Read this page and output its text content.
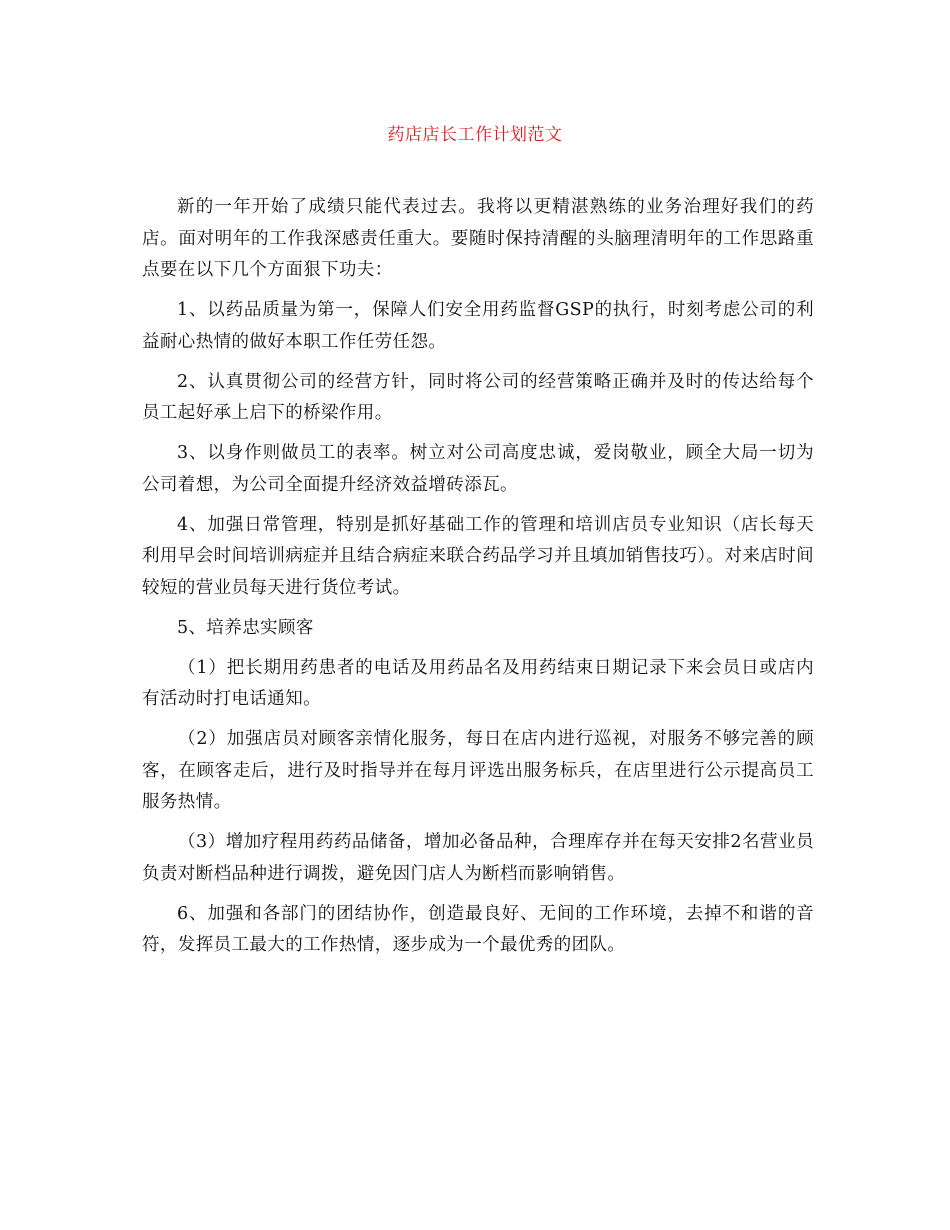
药店店长工作计划范文

新的一年开始了成绩只能代表过去。我将以更精湛熟练的业务治理好我们的药店。面对明年的工作我深感责任重大。要随时保持清醒的头脑理清明年的工作思路重点要在以下几个方面狠下功夫：

1、以药品质量为第一，保障人们安全用药监督GSP的执行，时刻考虑公司的利益耐心热情的做好本职工作任劳任怨。

2、认真贯彻公司的经营方针，同时将公司的经营策略正确并及时的传达给每个员工起好承上启下的桥梁作用。

3、以身作则做员工的表率。树立对公司高度忠诚，爱岗敬业，顾全大局一切为公司着想，为公司全面提升经济效益增砖添瓦。

4、加强日常管理，特别是抓好基础工作的管理和培训店员专业知识（店长每天利用早会时间培训病症并且结合病症来联合药品学习并且填加销售技巧）。对来店时间较短的营业员每天进行货位考试。

5、培养忠实顾客

（1）把长期用药患者的电话及用药品名及用药结束日期记录下来会员日或店内有活动时打电话通知。

（2）加强店员对顾客亲情化服务，每日在店内进行巡视，对服务不够完善的顾客，在顾客走后，进行及时指导并在每月评选出服务标兵，在店里进行公示提高员工服务热情。

（3）增加疗程用药药品储备，增加必备品种，合理库存并在每天安排2名营业员负责对断档品种进行调拨，避免因门店人为断档而影响销售。

6、加强和各部门的团结协作，创造最良好、无间的工作环境，去掉不和谐的音符，发挥员工最大的工作热情，逐步成为一个最优秀的团队。
